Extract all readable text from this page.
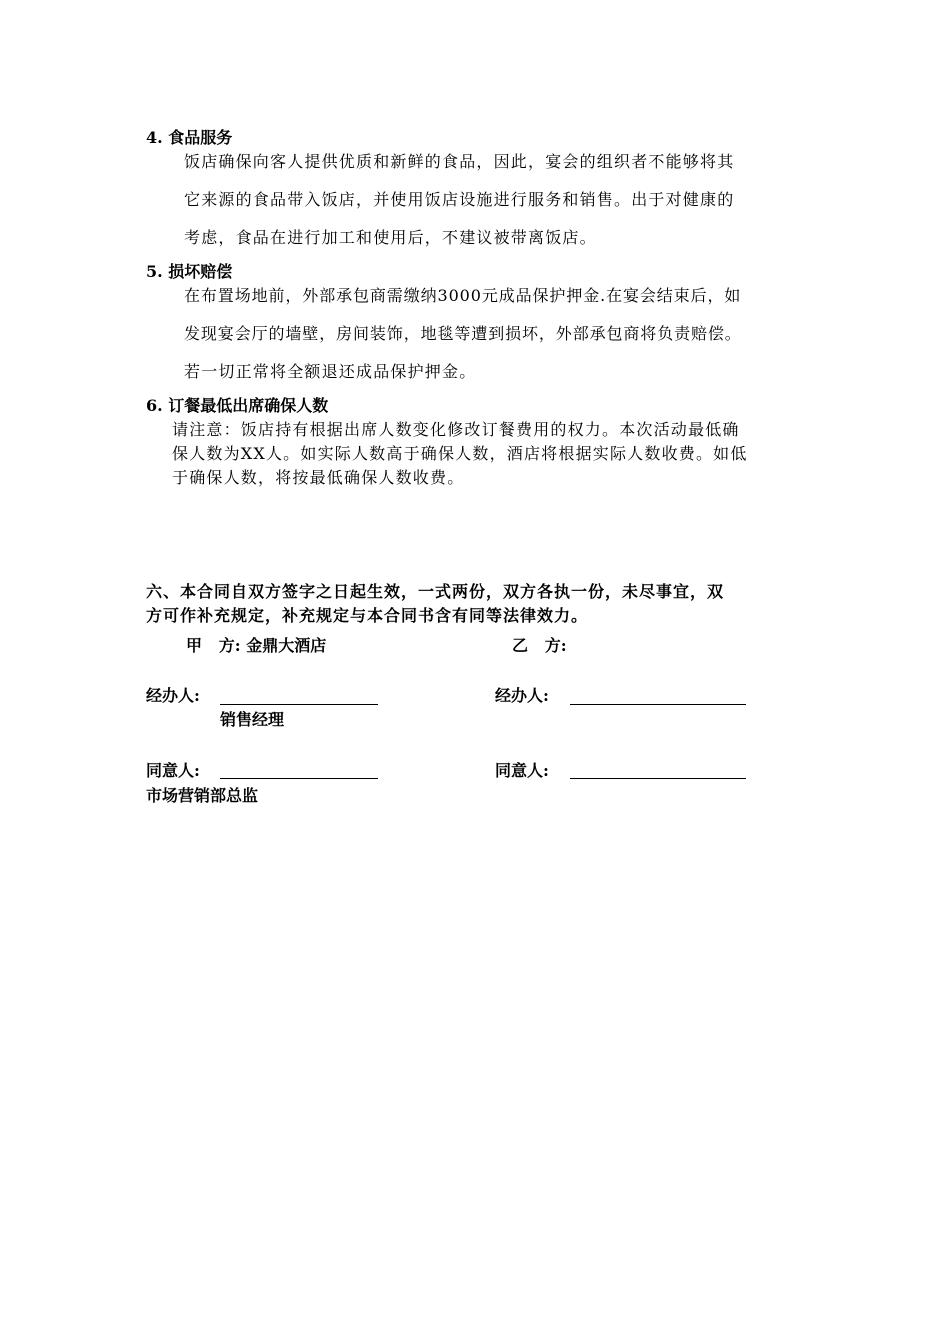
4. 食品服务
饭店确保向客人提供优质和新鲜的食品，因此，宴会的组织者不能够将其
它来源的食品带入饭店，并使用饭店设施进行服务和销售。出于对健康的
考虑，食品在进行加工和使用后，不建议被带离饭店。
5. 损坏赔偿
在布置场地前，外部承包商需缴纳3000元成品保护押金.在宴会结束后，如
发现宴会厅的墙壁，房间装饰，地毯等遭到损坏，外部承包商将负责赔偿。
若一切正常将全额退还成品保护押金。
6. 订餐最低出席确保人数
请注意：饭店持有根据出席人数变化修改订餐费用的权力。本次活动最低确
保人数为XX人。如实际人数高于确保人数，酒店将根据实际人数收费。如低
于确保人数，将按最低确保人数收费。
六、本合同自双方签字之日起生效，一式两份，双方各执一份，未尽事宜，双
方可作补充规定，补充规定与本合同书含有同等法律效力。
甲   方: 金鼎大酒店	乙   方:
经办人:
销售经理
经办人:
同意人:
市场营销部总监
同意人:
